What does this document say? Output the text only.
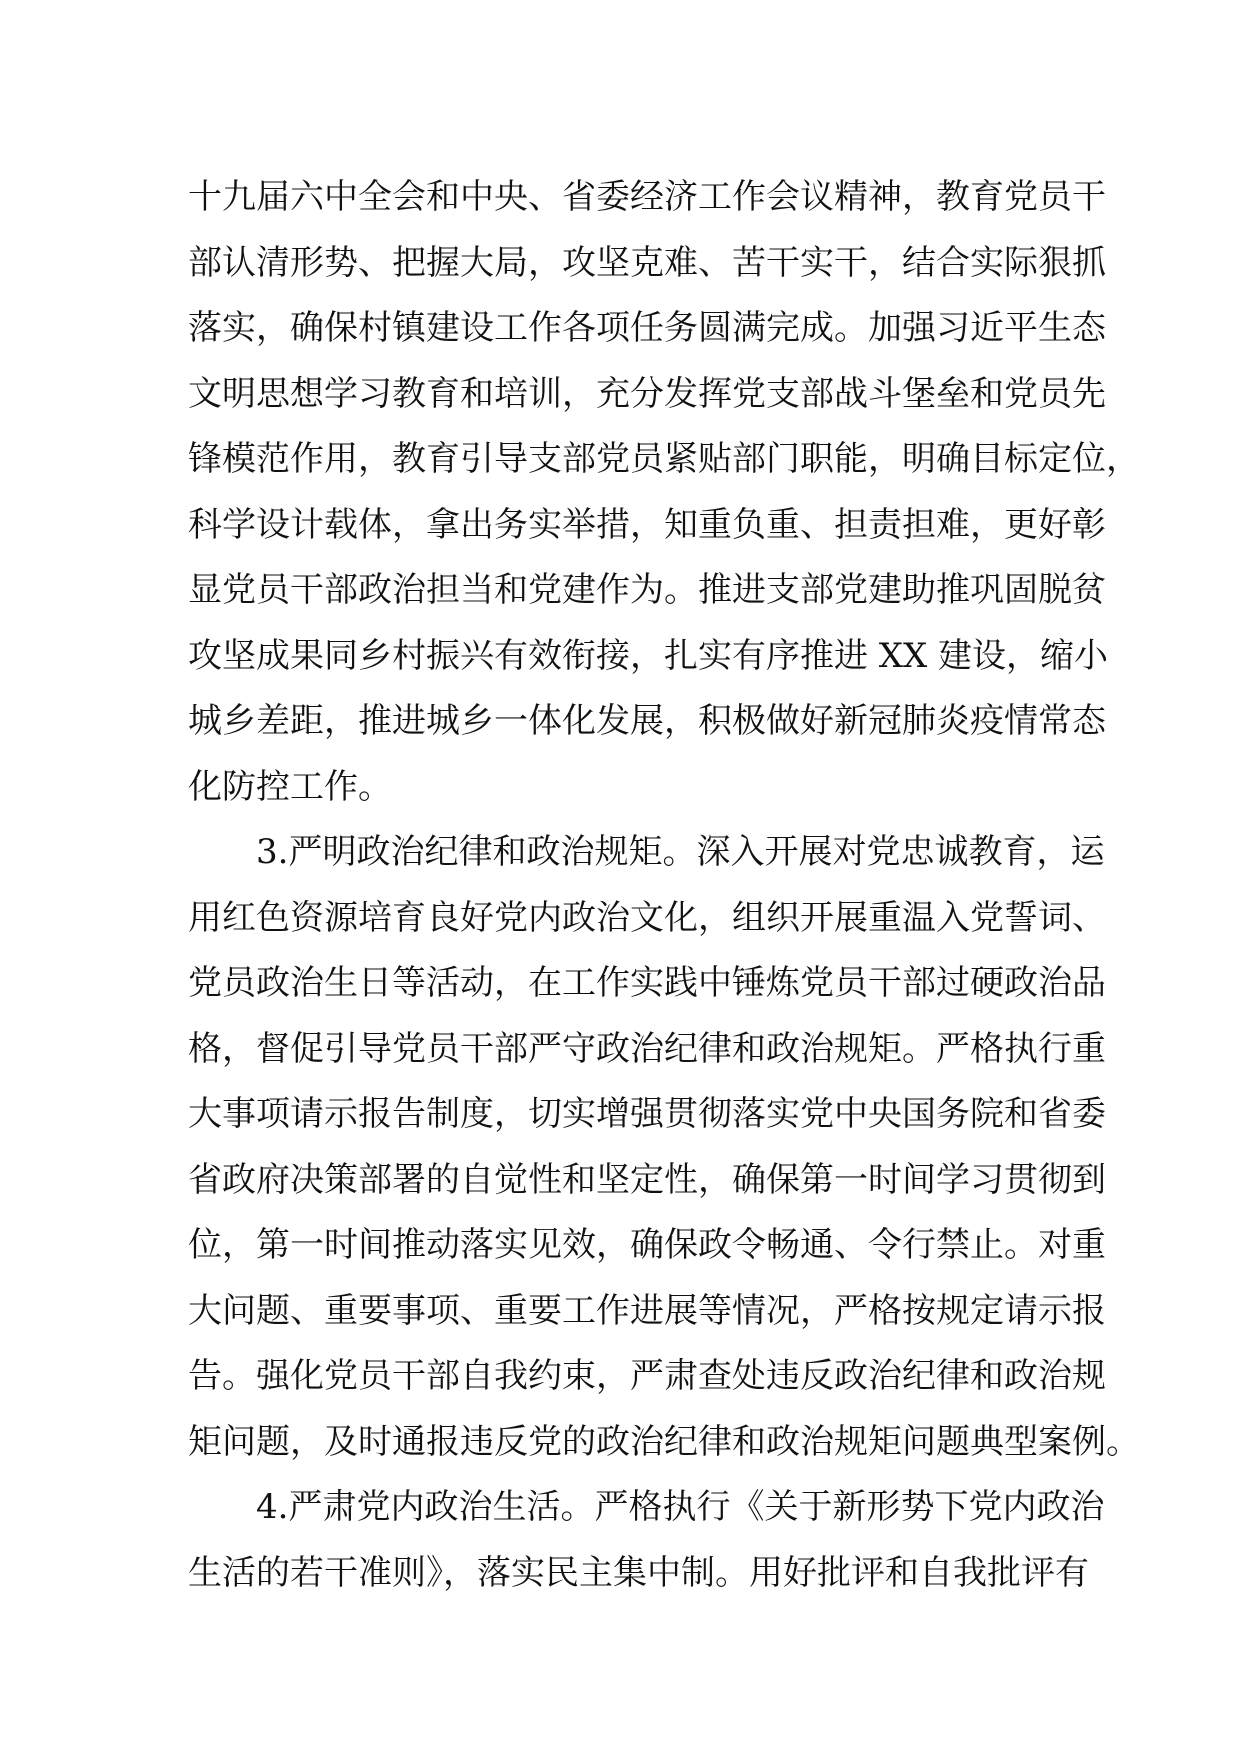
十九届六中全会和中央、省委经济工作会议精神，教育党员干
部认清形势、把握大局，攻坚克难、苦干实干，结合实际狠抓
落实，确保村镇建设工作各项任务圆满完成。加强习近平生态
文明思想学习教育和培训，充分发挥党支部战斗堡垒和党员先
锋模范作用，教育引导支部党员紧贴部门职能，明确目标定位，
科学设计载体，拿出务实举措，知重负重、担责担难，更好彰
显党员干部政治担当和党建作为。推进支部党建助推巩固脱贫
攻坚成果同乡村振兴有效衔接，扎实有序推进 XX 建设，缩小
城乡差距，推进城乡一体化发展，积极做好新冠肺炎疫情常态
化防控工作。
3.严明政治纪律和政治规矩。深入开展对党忠诚教育，运
用红色资源培育良好党内政治文化，组织开展重温入党誓词、
党员政治生日等活动，在工作实践中锤炼党员干部过硬政治品
格，督促引导党员干部严守政治纪律和政治规矩。严格执行重
大事项请示报告制度，切实增强贯彻落实党中央国务院和省委
省政府决策部署的自觉性和坚定性，确保第一时间学习贯彻到
位，第一时间推动落实见效，确保政令畅通、令行禁止。对重
大问题、重要事项、重要工作进展等情况，严格按规定请示报
告。强化党员干部自我约束，严肃查处违反政治纪律和政治规
矩问题，及时通报违反党的政治纪律和政治规矩问题典型案例。
4.严肃党内政治生活。严格执行《关于新形势下党内政治
生活的若干准则》，落实民主集中制。用好批评和自我批评有
